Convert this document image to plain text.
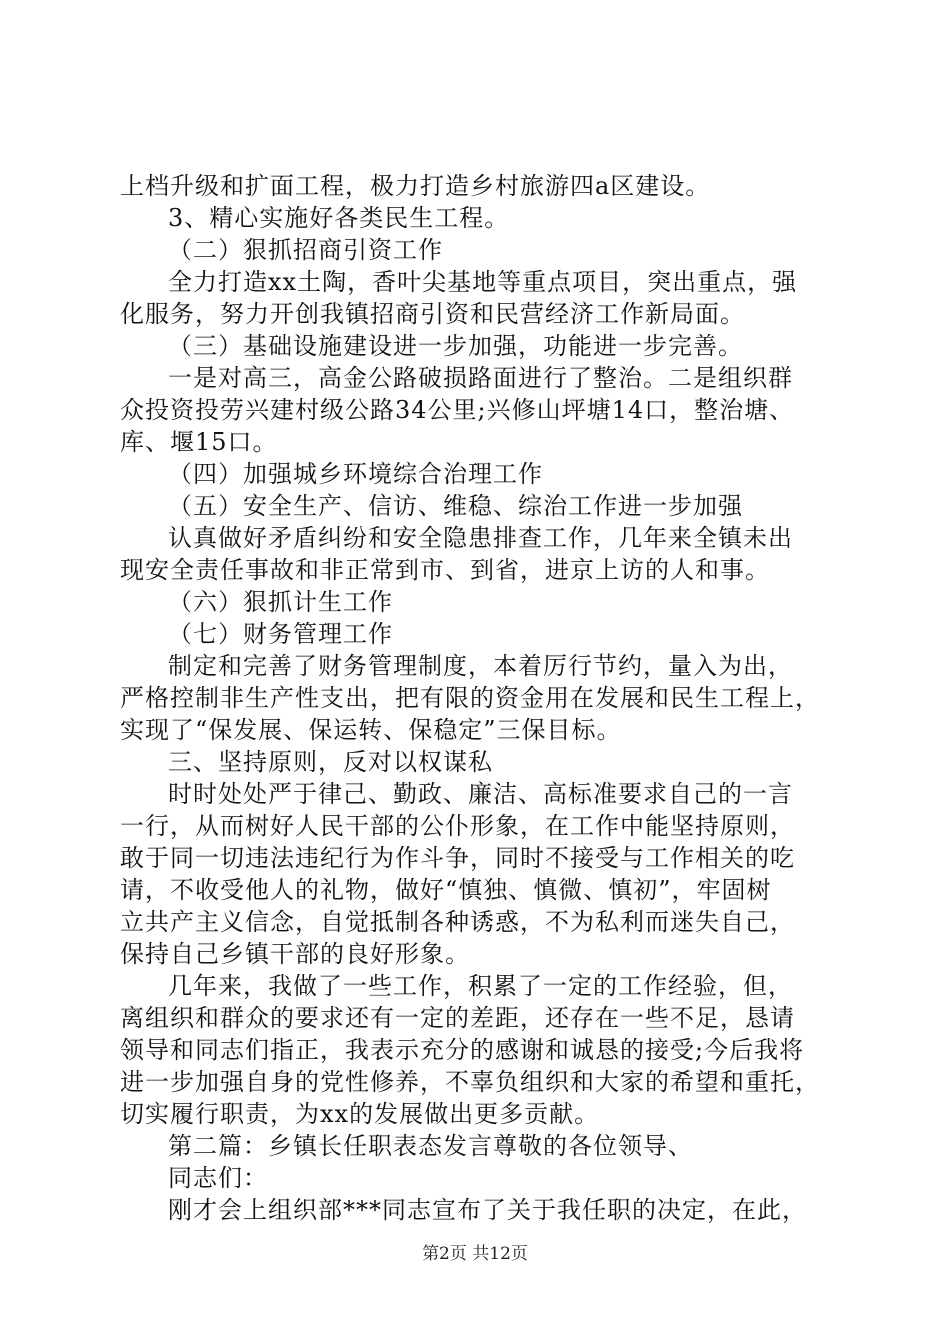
上档升级和扩面工程，极力打造乡村旅游四a区建设。
3、精心实施好各类民生工程。
（二）狠抓招商引资工作
全力打造xx土陶，香叶尖基地等重点项目，突出重点，强
化服务，努力开创我镇招商引资和民营经济工作新局面。
（三）基础设施建设进一步加强，功能进一步完善。
一是对高三，高金公路破损路面进行了整治。二是组织群
众投资投劳兴建村级公路34公里;兴修山坪塘14口，整治塘、
库、堰15口。
（四）加强城乡环境综合治理工作
（五）安全生产、信访、维稳、综治工作进一步加强
认真做好矛盾纠纷和安全隐患排查工作，几年来全镇未出
现安全责任事故和非正常到市、到省，进京上访的人和事。
（六）狠抓计生工作
（七）财务管理工作
制定和完善了财务管理制度，本着厉行节约，量入为出，
严格控制非生产性支出，把有限的资金用在发展和民生工程上，
实现了“保发展、保运转、保稳定”三保目标。
三、坚持原则，反对以权谋私
时时处处严于律己、勤政、廉洁、高标准要求自己的一言
一行，从而树好人民干部的公仆形象，在工作中能坚持原则，
敢于同一切违法违纪行为作斗争，同时不接受与工作相关的吃
请，不收受他人的礼物，做好“慎独、慎微、慎初”，牢固树
立共产主义信念，自觉抵制各种诱惑，不为私利而迷失自己，
保持自己乡镇干部的良好形象。
几年来，我做了一些工作，积累了一定的工作经验，但，
离组织和群众的要求还有一定的差距，还存在一些不足，恳请
领导和同志们指正，我表示充分的感谢和诚恳的接受;今后我将
进一步加强自身的党性修养，不辜负组织和大家的希望和重托，
切实履行职责，为xx的发展做出更多贡献。
第二篇：乡镇长任职表态发言尊敬的各位领导、
同志们：
刚才会上组织部***同志宣布了关于我任职的决定，在此，
第2页 共12页
